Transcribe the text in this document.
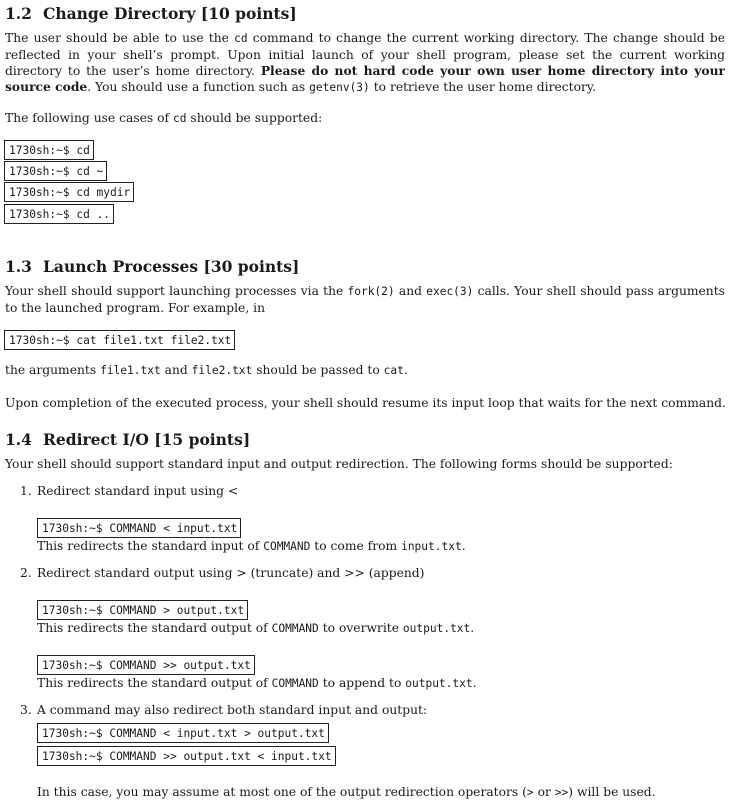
1.2 Change Directory [10 points]
The user should be able to use the cd command to change the current working directory. The change should be reflected in your shell’s prompt. Upon initial launch of your shell program, please set the current working directory to the user’s home directory. Please do not hard code your own user home directory into your source code. You should use a function such as getenv(3) to retrieve the user home directory.
The following use cases of cd should be supported:
1730sh:~$ cd
1730sh:~$ cd ~
1730sh:~$ cd mydir
1730sh:~$ cd ..
1.3 Launch Processes [30 points]
Your shell should support launching processes via the fork(2) and exec(3) calls. Your shell should pass arguments to the launched program. For example, in
1730sh:~$ cat file1.txt file2.txt
the arguments file1.txt and file2.txt should be passed to cat.
Upon completion of the executed process, your shell should resume its input loop that waits for the next command.
1.4 Redirect I/O [15 points]
Your shell should support standard input and output redirection. The following forms should be supported:
1. Redirect standard input using <
1730sh:~$ COMMAND < input.txt
This redirects the standard input of COMMAND to come from input.txt.
2. Redirect standard output using > (truncate) and >> (append)
1730sh:~$ COMMAND > output.txt
This redirects the standard output of COMMAND to overwrite output.txt.
1730sh:~$ COMMAND >> output.txt
This redirects the standard output of COMMAND to append to output.txt.
3. A command may also redirect both standard input and output:
1730sh:~$ COMMAND < input.txt > output.txt
1730sh:~$ COMMAND >> output.txt < input.txt
In this case, you may assume at most one of the output redirection operators (> or >>) will be used.
